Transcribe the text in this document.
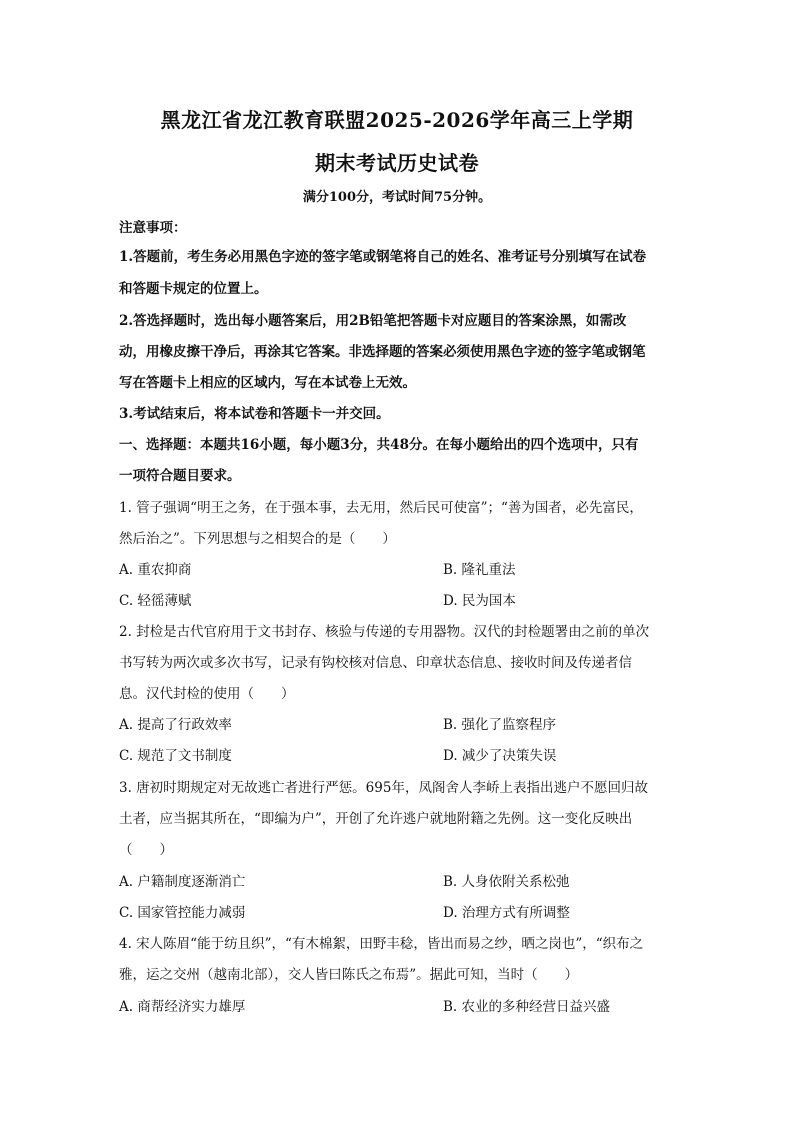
黑龙江省龙江教育联盟2025-2026学年高三上学期
期末考试历史试卷
满分100分，考试时间75分钟。
注意事项：
1.答题前，考生务必用黑色字迹的签字笔或钢笔将自己的姓名、准考证号分别填写在试卷
和答题卡规定的位置上。
2.答选择题时，选出每小题答案后，用2B铅笔把答题卡对应题目的答案涂黑，如需改
动，用橡皮擦干净后，再涂其它答案。非选择题的答案必须使用黑色字迹的签字笔或钢笔
写在答题卡上相应的区域内，写在本试卷上无效。
3.考试结束后，将本试卷和答题卡一并交回。
一、选择题：本题共16小题，每小题3分，共48分。在每小题给出的四个选项中，只有
一项符合题目要求。
1. 管子强调“明王之务，在于强本事，去无用，然后民可使富”；“善为国者，必先富民，
然后治之”。下列思想与之相契合的是（　　）
A. 重农抑商	B. 隆礼重法
C. 轻徭薄赋	D. 民为国本
2. 封检是古代官府用于文书封存、核验与传递的专用器物。汉代的封检题署由之前的单次
书写转为两次或多次书写，记录有钩校核对信息、印章状态信息、接收时间及传递者信
息。汉代封检的使用（　　）
A. 提高了行政效率	B. 强化了监察程序
C. 规范了文书制度	D. 减少了决策失误
3. 唐初时期规定对无故逃亡者进行严惩。695年，凤阁舍人李峤上表指出逃户不愿回归故
土者，应当据其所在，“即编为户”，开创了允许逃户就地附籍之先例。这一变化反映出
（　　）
A. 户籍制度逐渐消亡	B. 人身依附关系松弛
C. 国家管控能力减弱	D. 治理方式有所调整
4. 宋人陈眉“能于纺且织”，“有木棉絮，田野丰稔，皆出而易之纱，晒之岗也”，“织布之
雅，运之交州（越南北部），交人皆曰陈氏之布焉”。据此可知，当时（　　）
A. 商帮经济实力雄厚	B. 农业的多种经营日益兴盛
